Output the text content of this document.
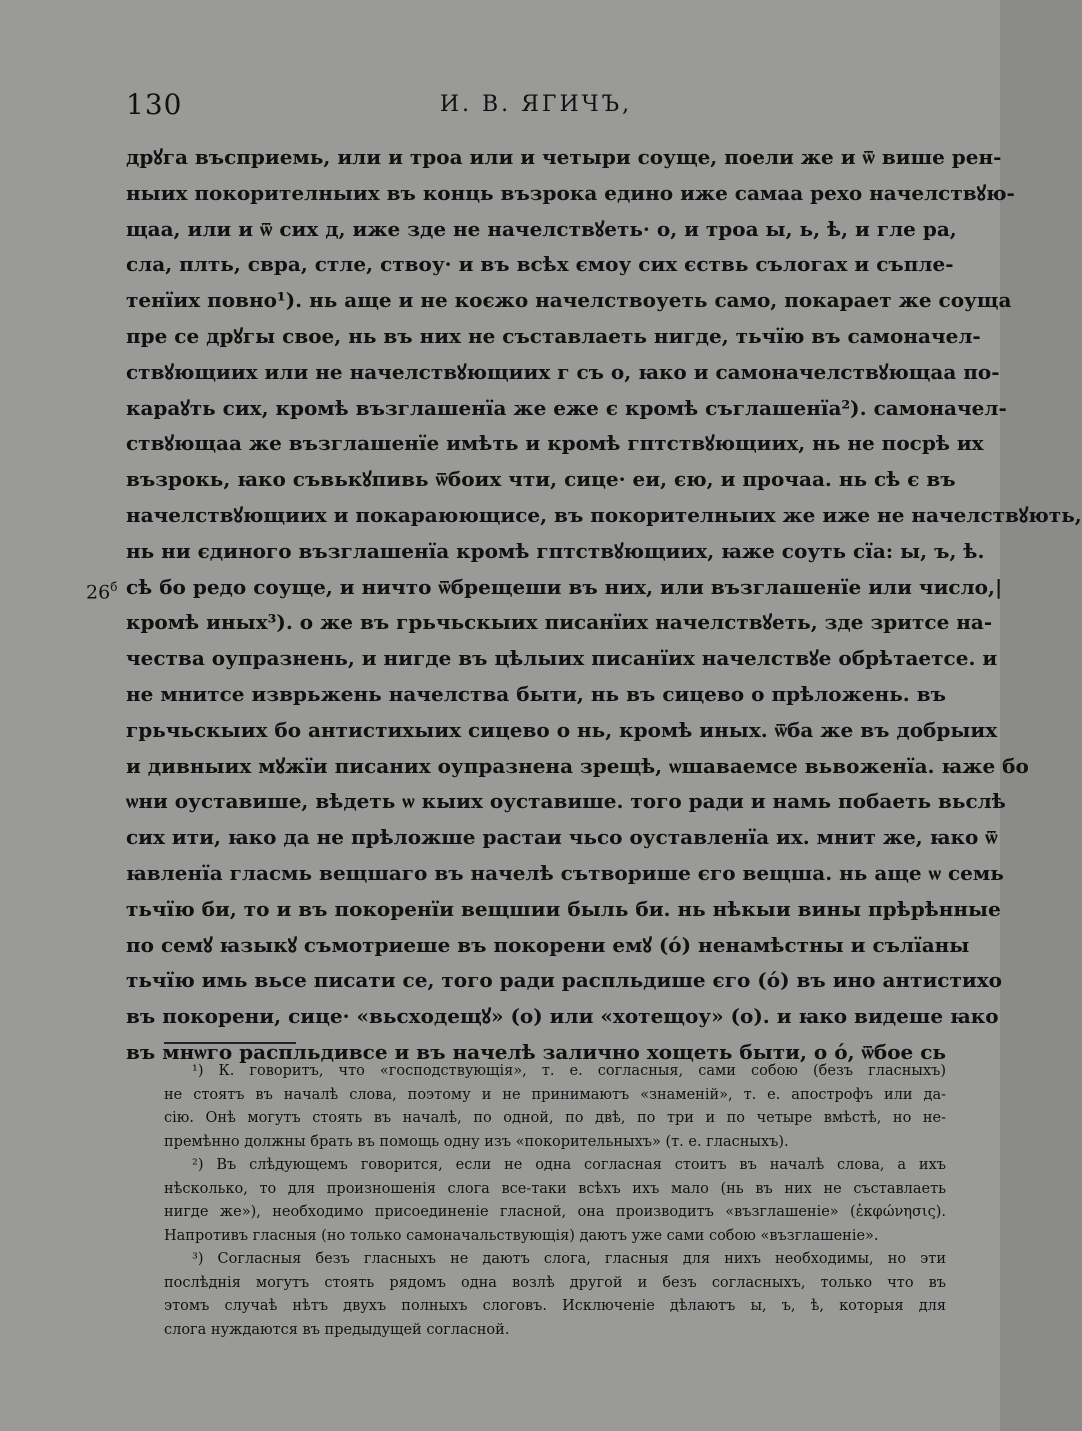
130	И. В. ЯГИЧЪ,
$26^б$
дрꙋга въсприемь, или и троа или и четыри соуще, поели же и ѿ више рен-
ныих покорителныих въ конць възрока едино иже самаа рехо начелствꙋю-
щаа, или и ѿ сих д, иже зде не начелствꙋеть· о, и троа ы, ь, ѣ, и гле ра,
сла, плть, свра, стле, ствоу· и въ всѣх ємоу сих єствь сълогах и съпле-
тенїих повно¹). нь аще и не коєжо начелствоуеть само, покарает же соуща
пре се дрꙋгы свое, нь въ них не съставлаеть нигде, тьчїю въ самоначел-
ствꙋющиих или не начелствꙋющиих г съ о, ꙗко и самоначелствꙋющаа по-
караꙋть сих, кромѣ възглашенїа же еже є кромѣ съглашенїа²). самоначел-
ствꙋющаа же възглашенїе имѣть и кромѣ гптствꙋющиих, нь не посрѣ их
възрокь, ꙗко съвькꙋпивь ѿбоих чти, сице· еи, єю, и прочаа. нь сѣ є въ
начелствꙋющиих и покараюющисе, въ покорителныих же иже не начелствꙋють,
нь ни єдиного възглашенїа кромѣ гптствꙋющиих, ꙗже соуть сїа: ы, ъ, ѣ.
сѣ бо редо соуще, и ничто ѿбрещеши въ них, или възглашенїе или число,|
кромѣ иных³). о же въ грьчьскыих писанїих начелствꙋеть, зде зритсе на-
чества оупразнень, и нигде въ цѣлыих писанїих начелствꙋе обрѣтаетсе. и
не мнитсе изврьжень начелства быти, нь въ сицево о прѣложень. въ
грьчьскыих бо антистихыих сицево о нь, кромѣ иных. ѿба же въ добрыих
и дивныих мꙋжїи писаних оупразнена зрещѣ, ѡшаваемсе вьвоженїа. ꙗже бо
ѡни оуставише, вѣдеть ѡ кыих оуставише. того ради и намь побаеть вьслѣ
сих ити, ꙗко да не прѣложше растаи чьсо оуставленїа их. мнит же, ꙗко ѿ
ꙗвленїа гласмь вещшаго въ начелѣ сътворише єго вещша. нь аще ѡ семь
тьчїю би, то и въ покоренїи вещшии быль би. нь нѣкыи вины прѣрѣнные
по семꙋ ꙗзыкꙋ съмотриеше въ покорени емꙋ (ό) ненамѣстны и сълїаны
тьчїю имь вьсе писати се, того ради распльдише єго (ό) въ ино антистихо
въ покорени, сице· «вьсходещꙋ» (о) или «хотещоу» (о). и ꙗко видеше ꙗко
въ мнѡго распльдивсе и въ начелѣ залично хощеть быти, о ό, ѿбое сь
¹) К. говоритъ, что «господствующія», т. е. согласныя, сами собою (безъ гласныхъ)
не стоятъ въ началѣ слова, поэтому и не принимаютъ «знаменій», т. е. апострофъ или да-
сію. Онѣ могутъ стоять въ началѣ, по одной, по двѣ, по три и по четыре вмѣстѣ, но не-
премѣнно должны брать въ помощь одну изъ «покорительныхъ» (т. е. гласныхъ).
²) Въ слѣдующемъ говорится, если не одна согласная стоитъ въ началѣ слова, а ихъ
нѣсколько, то для произношенія слога все-таки всѣхъ ихъ мало (нь въ них не съставлаеть
нигде же»), необходимо присоединеніе гласной, она производитъ «възглашеніе» (ἐκφώνησις).
Напротивъ гласныя (но только самоначальствующія) даютъ уже сами собою «възглашеніе».
³) Согласныя безъ гласныхъ не даютъ слога, гласныя для нихъ необходимы, но эти
послѣднія могутъ стоять рядомъ одна возлѣ другой и безъ согласныхъ, только что въ
этомъ случаѣ нѣтъ двухъ полныхъ слоговъ. Исключеніе дѣлаютъ ы, ъ, ѣ, которыя для
слога нуждаются въ предыдущей согласной.
